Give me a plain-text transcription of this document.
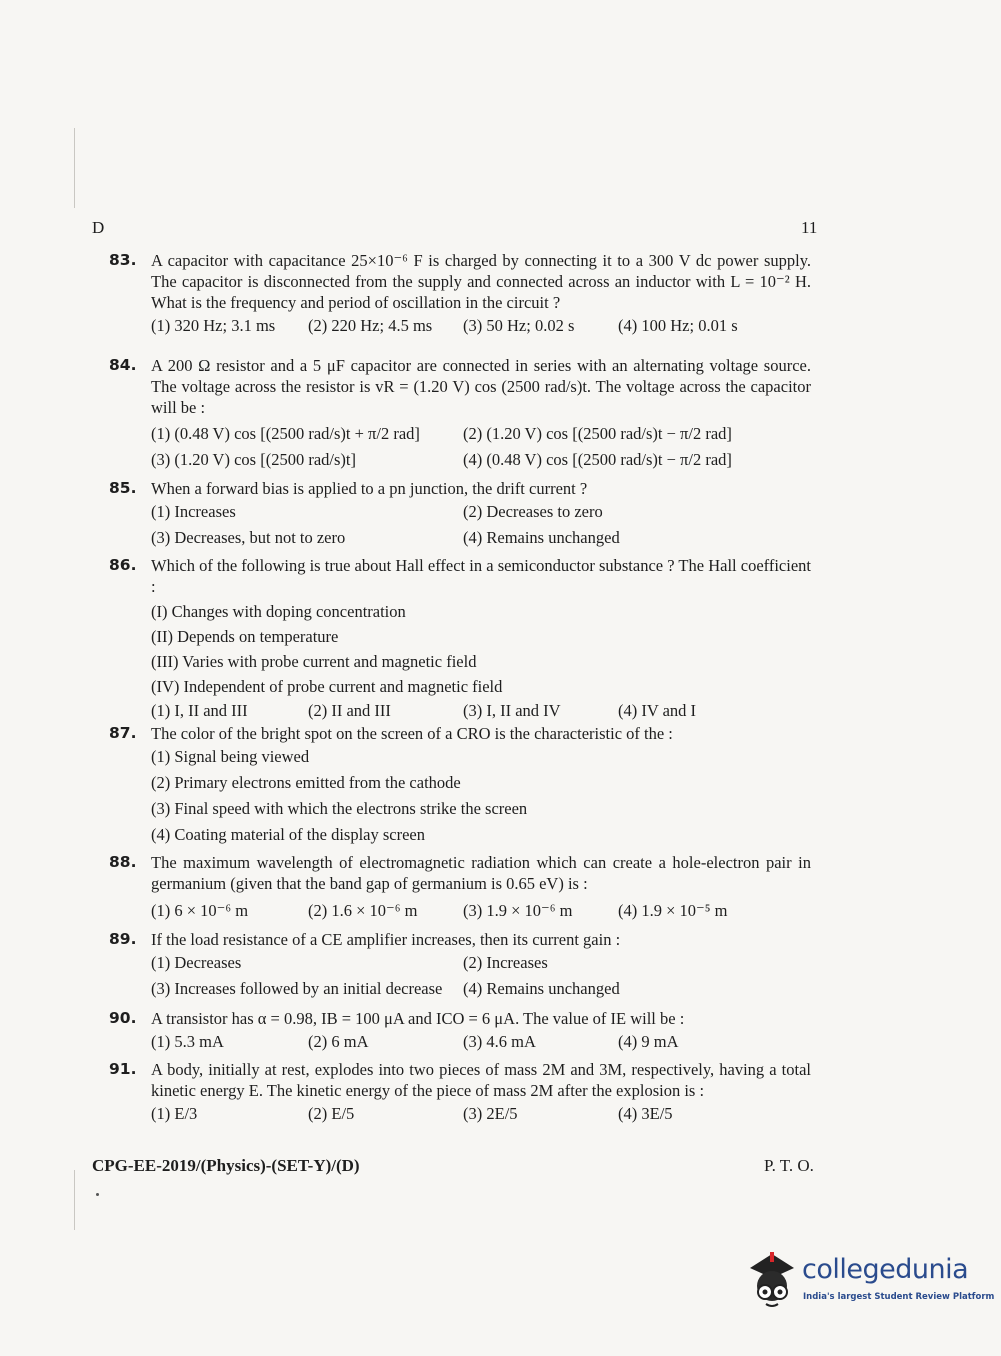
D	11
83. A capacitor with capacitance 25×10⁻⁶ F is charged by connecting it to a 300 V dc power supply. The capacitor is disconnected from the supply and connected across an inductor with L = 10⁻² H. What is the frequency and period of oscillation in the circuit ?
(1) 320 Hz; 3.1 ms (2) 220 Hz; 4.5 ms (3) 50 Hz; 0.02 s	(4) 100 Hz; 0.01 s
84. A 200 Ω resistor and a 5 μF capacitor are connected in series with an alternating voltage source. The voltage across the resistor is vR = (1.20 V) cos (2500 rad/s)t. The voltage across the capacitor will be :
(1) (0.48 V) cos [(2500 rad/s)t + π/2 rad]	(2) (1.20 V) cos [(2500 rad/s)t − π/2 rad]
(3) (1.20 V) cos [(2500 rad/s)t]	(4) (0.48 V) cos [(2500 rad/s)t − π/2 rad]
85. When a forward bias is applied to a pn junction, the drift current ?
(1) Increases	(2) Decreases to zero
(3) Decreases, but not to zero	(4) Remains unchanged
86. Which of the following is true about Hall effect in a semiconductor substance ? The Hall coefficient :
(I) Changes with doping concentration
(II) Depends on temperature
(III) Varies with probe current and magnetic field
(IV) Independent of probe current and magnetic field
(1) I, II and III	(2) II and III	(3) I, II and IV	(4) IV and I
87. The color of the bright spot on the screen of a CRO is the characteristic of the :
(1) Signal being viewed
(2) Primary electrons emitted from the cathode
(3) Final speed with which the electrons strike the screen
(4) Coating material of the display screen
88. The maximum wavelength of electromagnetic radiation which can create a hole-electron pair in germanium (given that the band gap of germanium is 0.65 eV) is :
(1) 6 × 10⁻⁶ m	(2) 1.6 × 10⁻⁶ m	(3) 1.9 × 10⁻⁶ m	(4) 1.9 × 10⁻⁵ m
89. If the load resistance of a CE amplifier increases, then its current gain :
(1) Decreases	(2) Increases
(3) Increases followed by an initial decrease (4) Remains unchanged
90. A transistor has α = 0.98, IB = 100 μA and ICO = 6 μA. The value of IE will be :
(1) 5.3 mA	(2) 6 mA	(3) 4.6 mA	(4) 9 mA
91. A body, initially at rest, explodes into two pieces of mass 2M and 3M, respectively, having a total kinetic energy E. The kinetic energy of the piece of mass 2M after the explosion is :
(1) E/3	(2) E/5	(3) 2E/5	(4) 3E/5
CPG-EE-2019/(Physics)-(SET-Y)/(D)	P. T. O.
collegedunia
India's largest Student Review Platform
